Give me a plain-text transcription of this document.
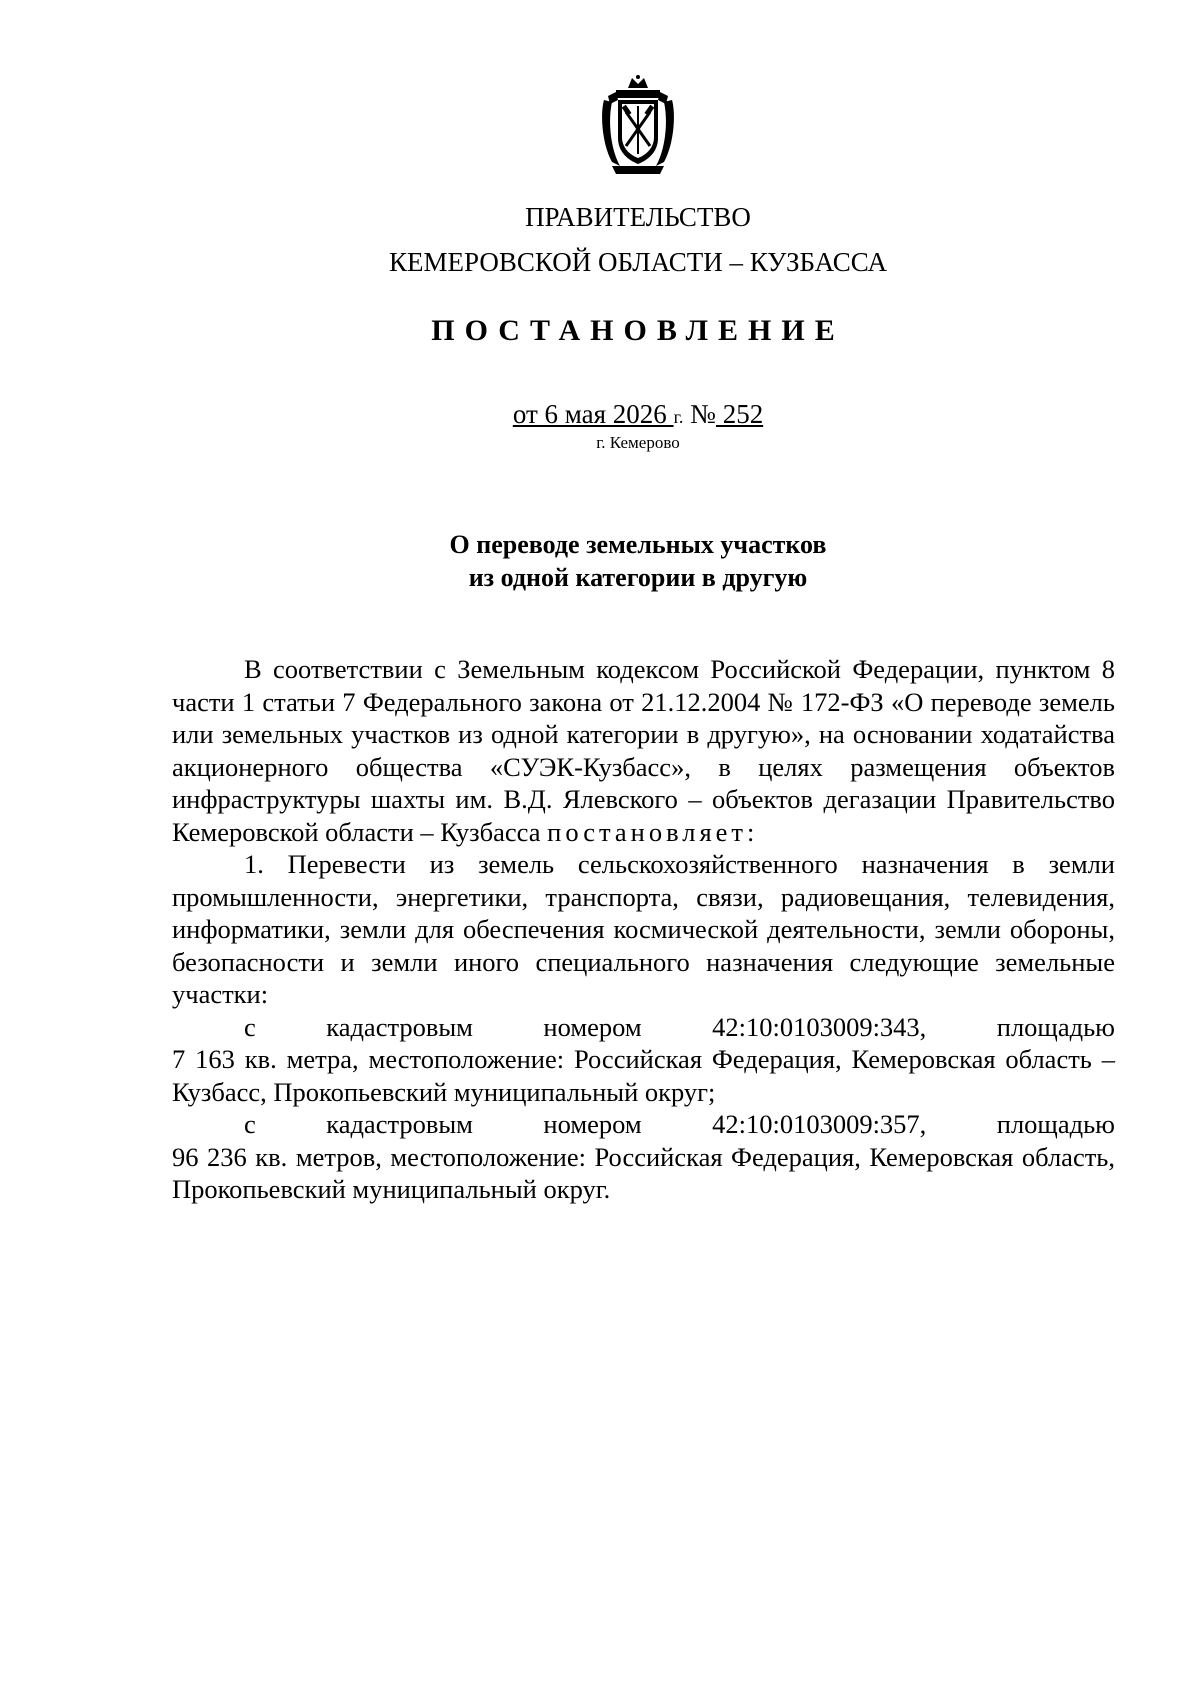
ПРАВИТЕЛЬСТВО
КЕМЕРОВСКОЙ ОБЛАСТИ – КУЗБАССА
ПОСТАНОВЛЕНИЕ
от 6 мая 2026 г. № 252
г. Кемерово
О переводе земельных участков
из одной категории в другую

В соответствии с Земельным кодексом Российской Федерации, пунктом 8 части 1 статьи 7 Федерального закона от 21.12.2004 № 172-ФЗ «О переводе земель или земельных участков из одной категории в другую», на основании ходатайства акционерного общества «СУЭК-Кузбасс», в целях размещения объектов инфраструктуры шахты им. В.Д. Ялевского – объектов дегазации Правительство Кемеровской области – Кузбасса постановляет:

1. Перевести из земель сельскохозяйственного назначения в земли промышленности, энергетики, транспорта, связи, радиовещания, телевидения, информатики, земли для обеспечения космической деятельности, земли обороны, безопасности и земли иного специального назначения следующие земельные участки:

с	кадастровым	номером	42:10:0103009:343,	площадью
7 163 кв. метра, местоположение: Российская Федерация, Кемеровская область – Кузбасс, Прокопьевский муниципальный округ;
с	кадастровым	номером	42:10:0103009:357,	площадью
96 236 кв. метров, местоположение: Российская Федерация, Кемеровская область, Прокопьевский муниципальный округ.
